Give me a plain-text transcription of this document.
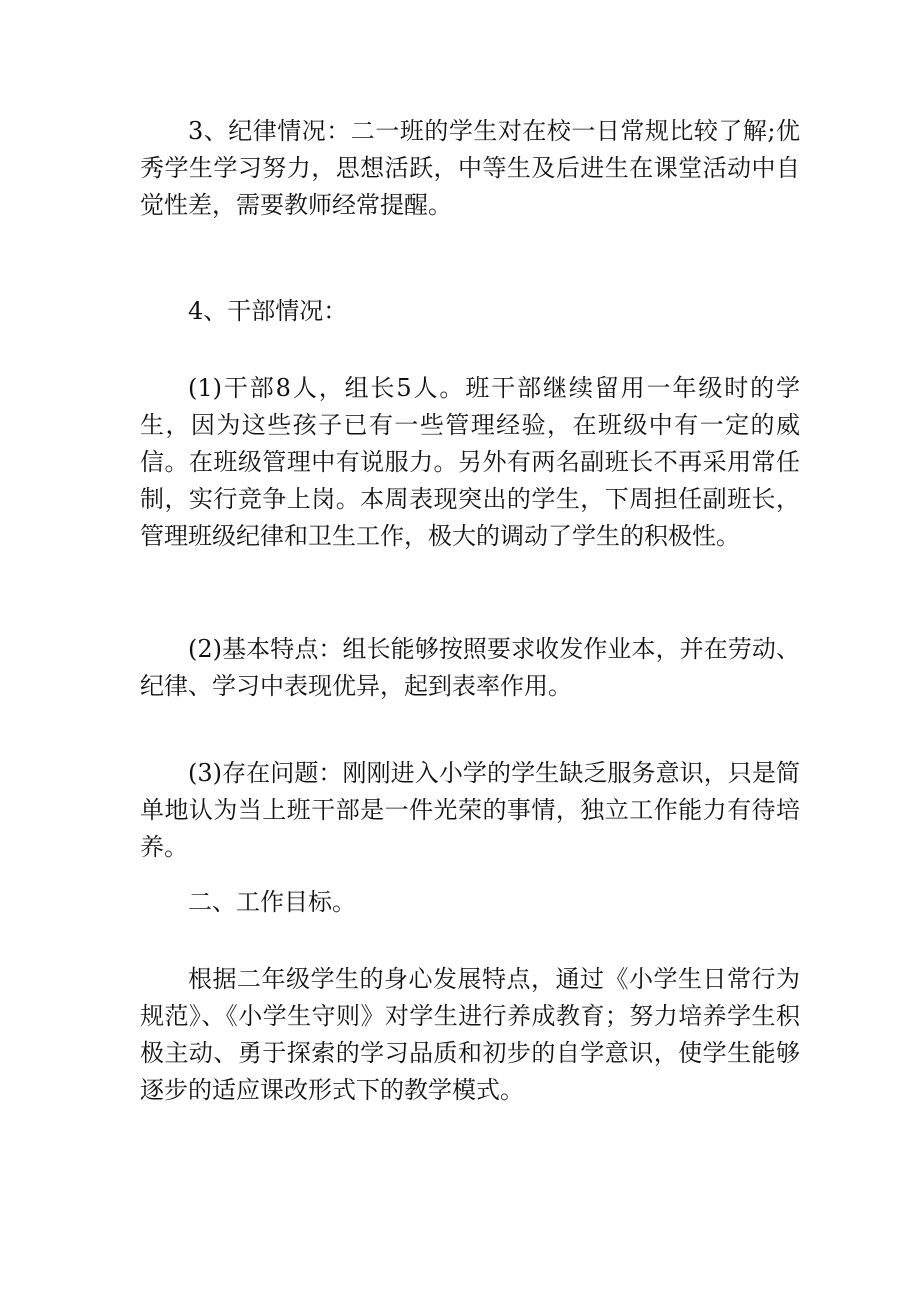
3、纪律情况：二一班的学生对在校一日常规比较了解;优秀学生学习努力，思想活跃，中等生及后进生在课堂活动中自觉性差，需要教师经常提醒。

4、干部情况：

(1)干部8人，组长5人。班干部继续留用一年级时的学生，因为这些孩子已有一些管理经验，在班级中有一定的威信。在班级管理中有说服力。另外有两名副班长不再采用常任制，实行竞争上岗。本周表现突出的学生，下周担任副班长，管理班级纪律和卫生工作，极大的调动了学生的积极性。

(2)基本特点：组长能够按照要求收发作业本，并在劳动、纪律、学习中表现优异，起到表率作用。

(3)存在问题：刚刚进入小学的学生缺乏服务意识，只是简单地认为当上班干部是一件光荣的事情，独立工作能力有待培养。

二、工作目标。

根据二年级学生的身心发展特点，通过《小学生日常行为规范》、《小学生守则》对学生进行养成教育；努力培养学生积极主动、勇于探索的学习品质和初步的自学意识，使学生能够逐步的适应课改形式下的教学模式。
